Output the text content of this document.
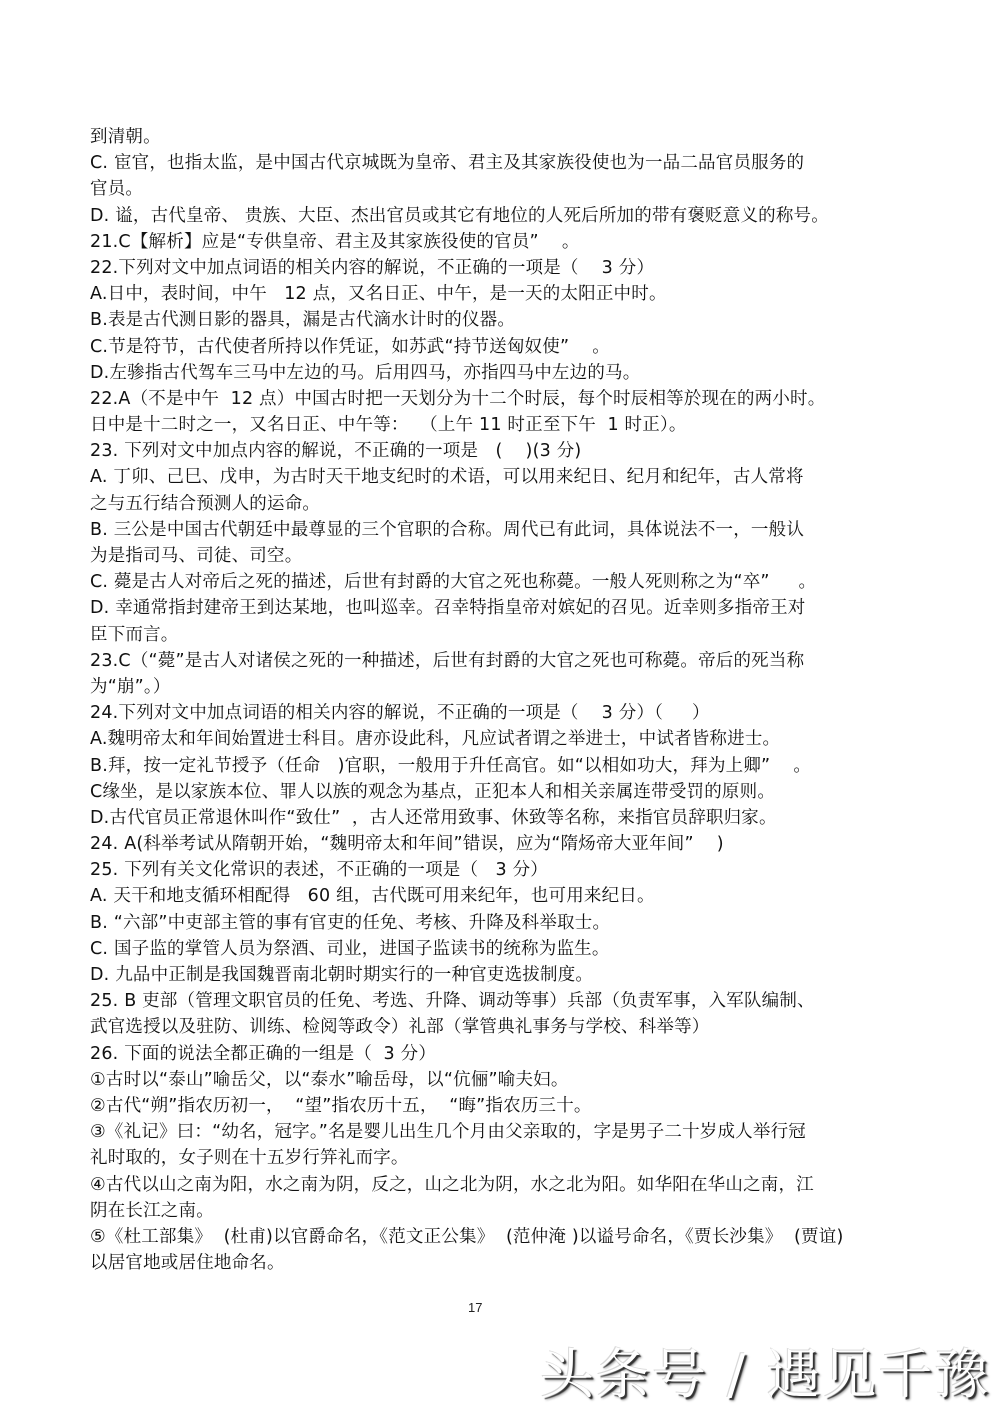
到清朝。
C. 宦官，也指太监，是中国古代京城既为皇帝、君主及其家族役使也为一品二品官员服务的
官员。
D. 谥，古代皇帝、 贵族、大臣、杰出官员或其它有地位的人死后所加的带有褒贬意义的称号。
21.C【解析】应是“专供皇帝、君主及其家族役使的官员”    。
22.下列对文中加点词语的相关内容的解说，不正确的一项是（    3 分）
A.日中，表时间，中午   12 点，又名日正、中午，是一天的太阳正中时。
B.表是古代测日影的器具，漏是古代滴水计时的仪器。
C.节是符节，古代使者所持以作凭证，如苏武“持节送匈奴使”    。
D.左骖指古代驾车三马中左边的马。后用四马，亦指四马中左边的马。
22.A（不是中午  12 点）中国古时把一天划分为十二个时辰，每个时辰相等於现在的两小时。
日中是十二时之一，又名日正、中午等：  （上午 11 时正至下午  1 时正）。
23. 下列对文中加点内容的解说，不正确的一项是   (    )(3 分)
A. 丁卯、己巳、戊申，为古时天干地支纪时的术语，可以用来纪日、纪月和纪年，古人常将
之与五行结合预测人的运命。
B. 三公是中国古代朝廷中最尊显的三个官职的合称。周代已有此词，具体说法不一，一般认
为是指司马、司徒、司空。
C. 薨是古人对帝后之死的描述，后世有封爵的大官之死也称薨。一般人死则称之为“卒”     。
D. 幸通常指封建帝王到达某地，也叫巡幸。召幸特指皇帝对嫔妃的召见。近幸则多指帝王对
臣下而言。
23.C（“薨”是古人对诸侯之死的一种描述，后世有封爵的大官之死也可称薨。帝后的死当称
为“崩”。）
24.下列对文中加点词语的相关内容的解说，不正确的一项是（    3 分）（     ）
A.魏明帝太和年间始置进士科目。唐亦设此科，凡应试者谓之举进士，中试者皆称进士。
B.拜，按一定礼节授予（任命   )官职，一般用于升任高官。如“以相如功大，拜为上卿”    。
C缘坐，是以家族本位、罪人以族的观念为基点，正犯本人和相关亲属连带受罚的原则。
D.古代官员正常退休叫作“致仕”  ，古人还常用致事、休致等名称，来指官员辞职归家。
24. A(科举考试从隋朝开始，“魏明帝太和年间”错误，应为“隋炀帝大亚年间”    )
25. 下列有关文化常识的表述，不正确的一项是（   3 分）
A. 天干和地支循环相配得   60 组，古代既可用来纪年，也可用来纪日。
B. “六部”中吏部主管的事有官吏的任免、考核、升降及科举取士。
C. 国子监的掌管人员为祭酒、司业，进国子监读书的统称为监生。
D. 九品中正制是我国魏晋南北朝时期实行的一种官吏选拔制度。
25. B 吏部（管理文职官员的任免、考选、升降、调动等事）兵部（负责军事，入军队编制、
武官选授以及驻防、训练、检阅等政令）礼部（掌管典礼事务与学校、科举等）
26. 下面的说法全都正确的一组是（  3 分）
①古时以“泰山”喻岳父，以“泰水”喻岳母，以“伉俪”喻夫妇。
②古代“朔”指农历初一，  “望”指农历十五，  “晦”指农历三十。
③《礼记》曰：“幼名，冠字。”名是婴儿出生几个月由父亲取的，字是男子二十岁成人举行冠
礼时取的，女子则在十五岁行笄礼而字。
④古代以山之南为阳，水之南为阴，反之，山之北为阴，水之北为阳。如华阳在华山之南，江
阴在长江之南。
⑤《杜工部集》  (杜甫)以官爵命名，《范文正公集》  (范仲淹 )以谥号命名，《贾长沙集》  (贾谊)
以居官地或居住地命名。
17
头条号 / 遇见千豫
